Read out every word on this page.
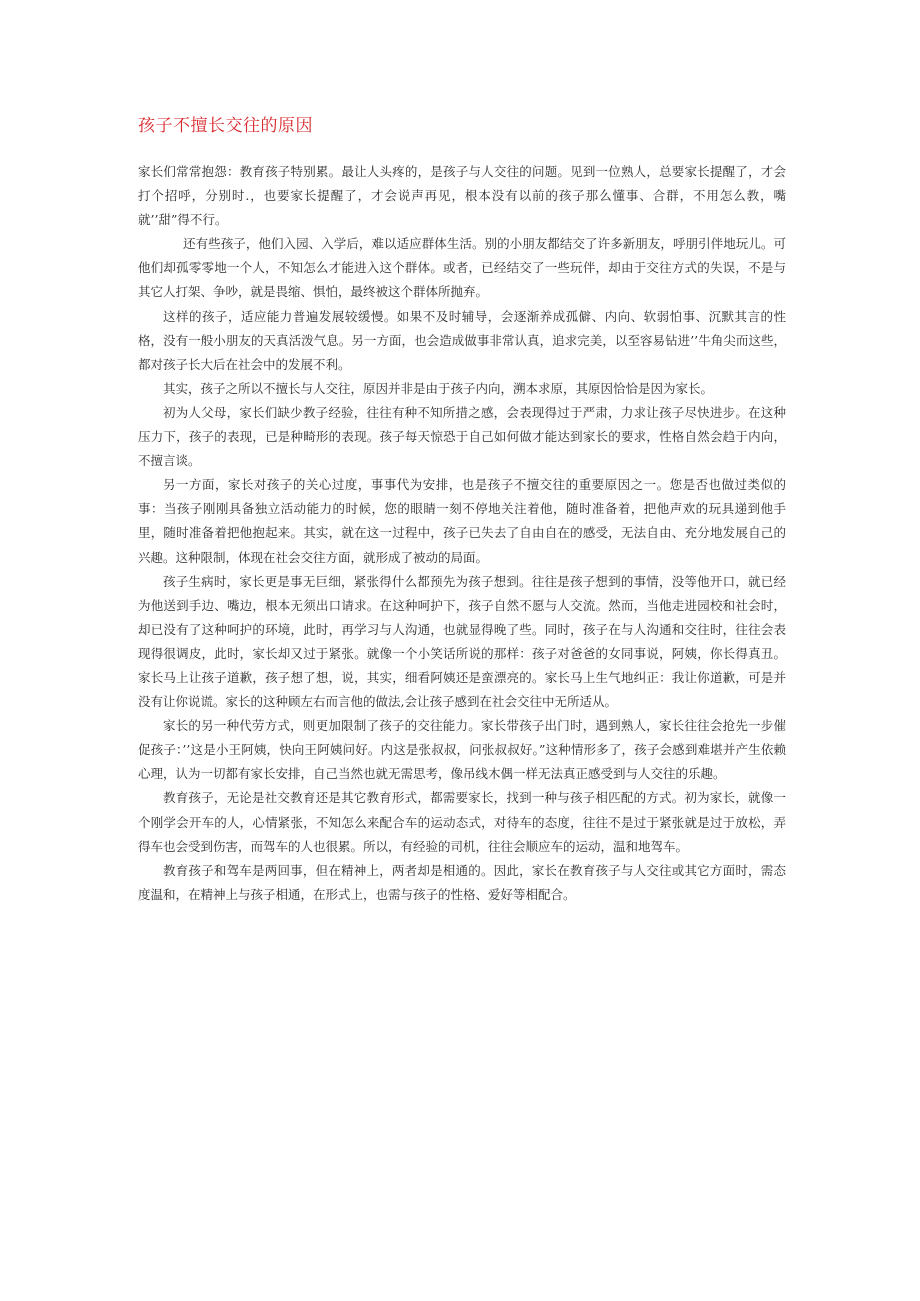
孩子不擅长交往的原因

家长们常常抱怨：教育孩子特别累。最让人头疼的，是孩子与人交往的问题。见到一位熟人，总要家长提醒了，才会打个招呼，分别时.，也要家长提醒了，才会说声再见，根本没有以前的孩子那么懂事、合群，不用怎么教，嘴就’’甜”得不行。

还有些孩子，他们入园、入学后，难以适应群体生活。别的小朋友都结交了许多新朋友，呼朋引伴地玩儿。可他们却孤零零地一个人，不知怎么才能进入这个群体。或者，已经结交了一些玩伴，却由于交往方式的失误，不是与其它人打架、争吵，就是畏缩、惧怕，最终被这个群体所抛弃。

这样的孩子，适应能力普遍发展较缓慢。如果不及时辅导，会逐渐养成孤僻、内向、软弱怕事、沉默其言的性格，没有一般小朋友的天真活泼气息。另一方面，也会造成做事非常认真，追求完美，以至容易钻进’’牛角尖而这些，都对孩子长大后在社会中的发展不利。

其实，孩子之所以不擅长与人交往，原因并非是由于孩子内向，溯本求原，其原因恰恰是因为家长。

初为人父母，家长们缺少教子经验，往往有种不知所措之感，会表现得过于严肃，力求让孩子尽快进步。在这种压力下，孩子的表现，已是种畸形的表现。孩子每天惊恐于自己如何做才能达到家长的要求，性格自然会趋于内向，不擅言谈。

另一方面，家长对孩子的关心过度，事事代为安排，也是孩子不擅交往的重要原因之一。您是否也做过类似的事：当孩子刚刚具备独立活动能力的时候，您的眼睛一刻不停地关注着他，随时准备着，把他声欢的玩具递到他手里，随时准备着把他抱起来。其实，就在这一过程中，孩子已失去了自由自在的感受，无法自由、充分地发展自己的兴趣。这种限制，体现在社会交往方面，就形成了被动的局面。

孩子生病时，家长更是事无巨细，紧张得什么都预先为孩子想到。往往是孩子想到的事情，没等他开口，就已经为他送到手边、嘴边，根本无须出口请求。在这种呵护下，孩子自然不愿与人交流。然而，当他走进园校和社会时，却已没有了这种呵护的环境，此时，再学习与人沟通，也就显得晚了些。同时，孩子在与人沟通和交往时，往往会表现得很调皮，此时，家长却又过于紧张。就像一个小笑话所说的那样：孩子对爸爸的女同事说，阿姨，你长得真丑。家长马上让孩子道歉，孩子想了想，说，其实，细看阿姨还是蛮漂亮的。家长马上生气地纠正：我让你道歉，可是并没有让你说谎。家长的这种顾左右而言他的做法,会让孩子感到在社会交往中无所适从。

家长的另一种代劳方式，则更加限制了孩子的交往能力。家长带孩子出门时，遇到熟人，家长往往会抢先一步催促孩子：’’这是小王阿姨，快向王阿姨问好。内这是张叔叔，问张叔叔好。”这种情形多了，孩子会感到难堪并产生依赖心理，认为一切都有家长安排，自己当然也就无需思考，像吊线木偶一样无法真正感受到与人交往的乐趣。

教育孩子，无论是社交教育还是其它教育形式，都需要家长，找到一种与孩子相匹配的方式。初为家长，就像一个刚学会开车的人，心情紧张，不知怎么来配合车的运动态式，对待车的态度，往往不是过于紧张就是过于放松，弄得车也会受到伤害，而驾车的人也很累。所以，有经验的司机，往往会顺应车的运动，温和地驾车。

教育孩子和驾车是两回事，但在精神上，两者却是相通的。因此，家长在教育孩子与人交往或其它方面时，需态度温和，在精神上与孩子相通，在形式上，也需与孩子的性格、爱好等相配合。
